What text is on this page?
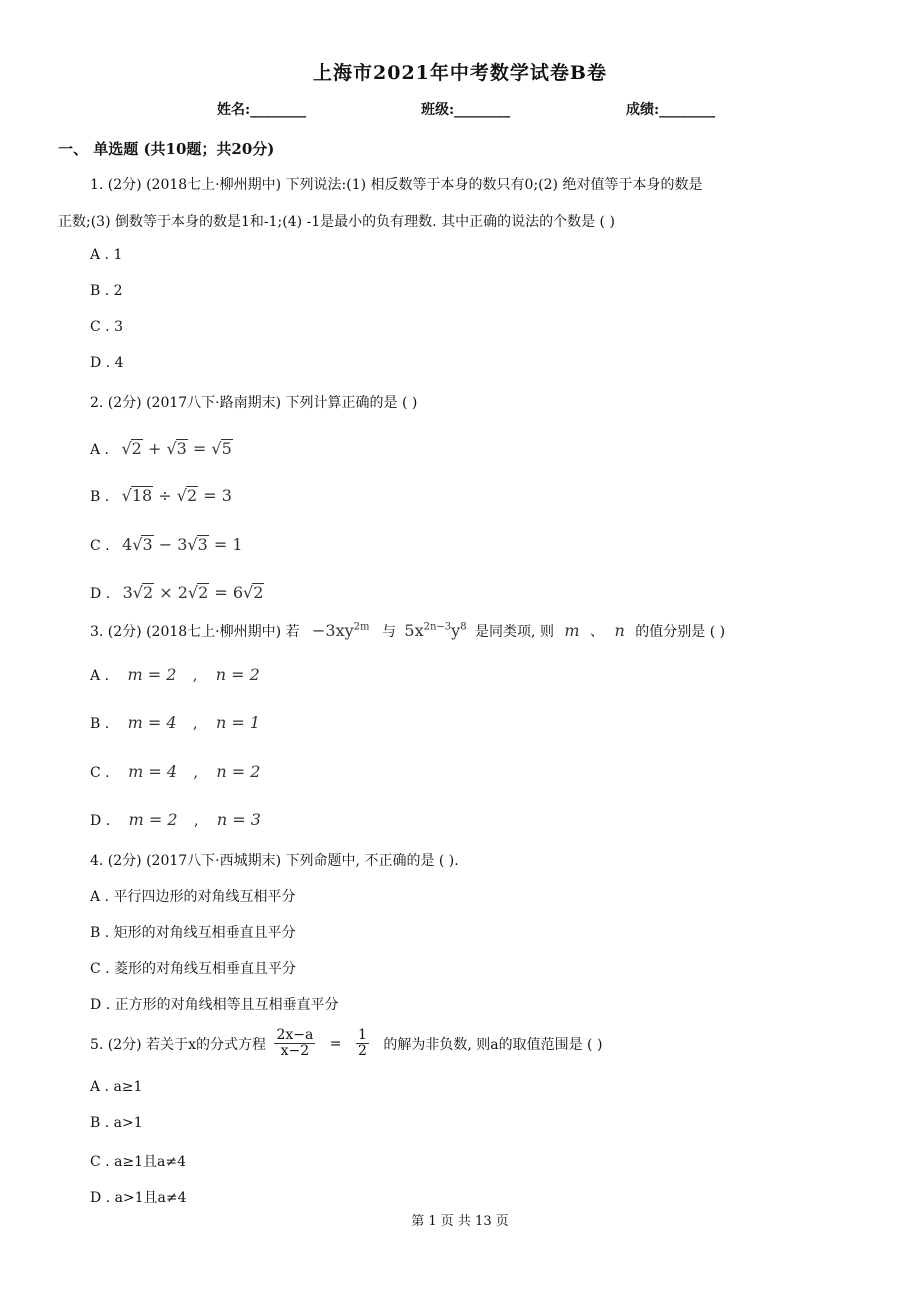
上海市2021年中考数学试卷B卷
姓名:________	班级:________	成绩:________
一、 单选题 (共10题；共20分)
1. (2分) (2018七上·柳州期中) 下列说法:(1) 相反数等于本身的数只有0;(2) 绝对值等于本身的数是
正数;(3) 倒数等于本身的数是1和-1;(4) -1是最小的负有理数. 其中正确的说法的个数是 ( )
A . 1
B . 2
C . 3
D . 4
2. (2分) (2017八下·路南期末) 下列计算正确的是 ( )
A . √2 + √3 = √5
B . √18 ÷ √2 = 3
C . 4√3 − 3√3 = 1
D . 3√2 × 2√2 = 6√2
3. (2分) (2018七上·柳州期中) 若 $-3xy^{2m}$ 与 $5x^{2n-3}y^8$ 是同类项, 则 m 、 n 的值分别是 ( )
A . m = 2 , n = 2
B . m = 4 , n = 1
C . m = 4 , n = 2
D . m = 2 , n = 3
4. (2分) (2017八下·西城期末) 下列命题中, 不正确的是 ( ).
A . 平行四边形的对角线互相平分
B . 矩形的对角线互相垂直且平分
C . 菱形的对角线互相垂直且平分
D . 正方形的对角线相等且互相垂直平分
5. (2分) 若关于x的分式方程 $\frac{2x-a}{x-2} = \frac{1}{2}$ 的解为非负数, 则a的取值范围是 ( )
A . a≥1
B . a>1
C . a≥1且a≠4
D . a>1且a≠4
第 1 页 共 13 页
